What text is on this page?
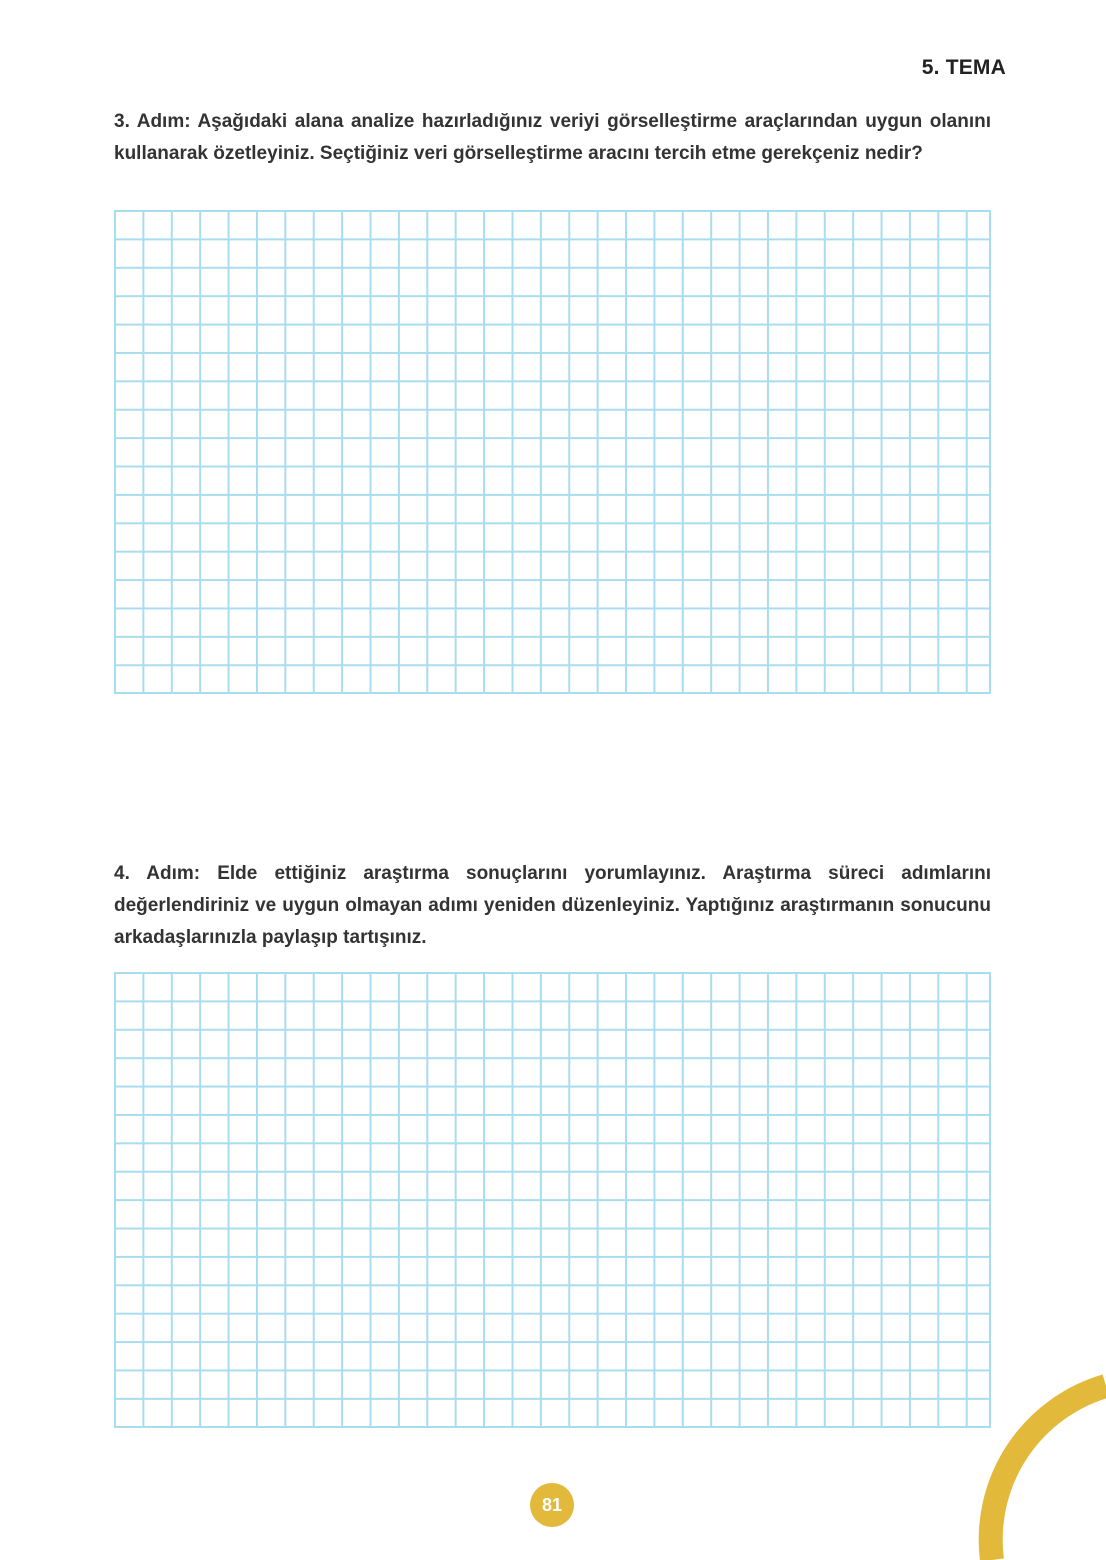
5. TEMA
3. Adım: Aşağıdaki alana analize hazırladığınız veriyi görselleştirme araçlarından uygun olanını kullanarak özetleyiniz. Seçtiğiniz veri görselleştirme aracını tercih etme gerekçeniz nedir?
4. Adım: Elde ettiğiniz araştırma sonuçlarını yorumlayınız. Araştırma süreci adımlarını değerlendiriniz ve uygun olmayan adımı yeniden düzenleyiniz. Yaptığınız araştırmanın sonucunu arkadaşlarınızla paylaşıp tartışınız.
81
